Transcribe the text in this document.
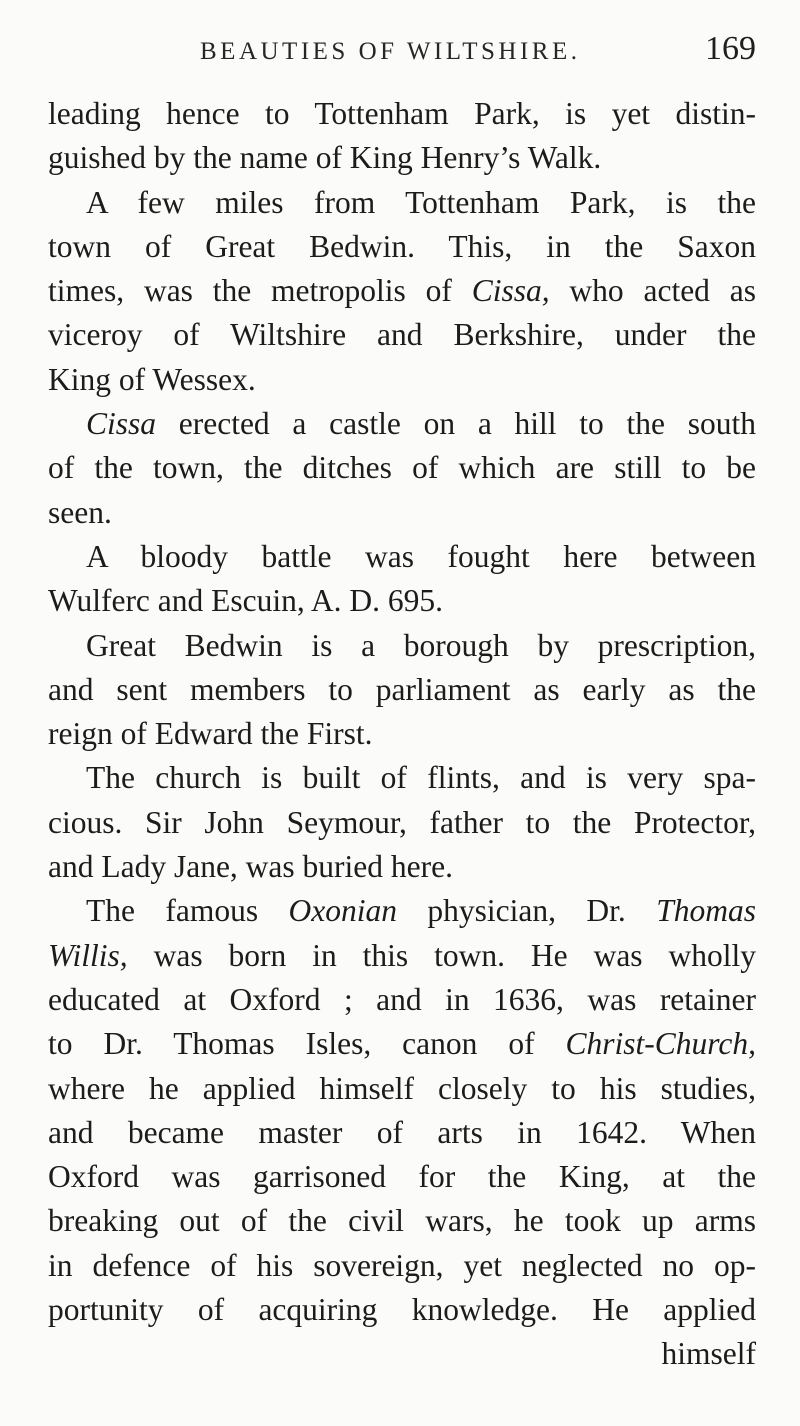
BEAUTIES OF WILTSHIRE.	169
leading hence to Tottenham Park, is yet distin-
guished by the name of King Henry’s Walk.
A few miles from Tottenham Park, is the
town of Great Bedwin. This, in the Saxon
times, was the metropolis of Cissa, who acted as
viceroy of Wiltshire and Berkshire, under the
King of Wessex.
Cissa erected a castle on a hill to the south
of the town, the ditches of which are still to be
seen.
A bloody battle was fought here between
Wulferc and Escuin, A. D. 695.
Great Bedwin is a borough by prescription,
and sent members to parliament as early as the
reign of Edward the First.
The church is built of flints, and is very spa-
cious. Sir John Seymour, father to the Protector,
and Lady Jane, was buried here.
The famous Oxonian physician, Dr. Thomas
Willis, was born in this town. He was wholly
educated at Oxford ; and in 1636, was retainer
to Dr. Thomas Isles, canon of Christ-Church,
where he applied himself closely to his studies,
and became master of arts in 1642. When
Oxford was garrisoned for the King, at the
breaking out of the civil wars, he took up arms
in defence of his sovereign, yet neglected no op-
portunity of acquiring knowledge. He applied
himself
